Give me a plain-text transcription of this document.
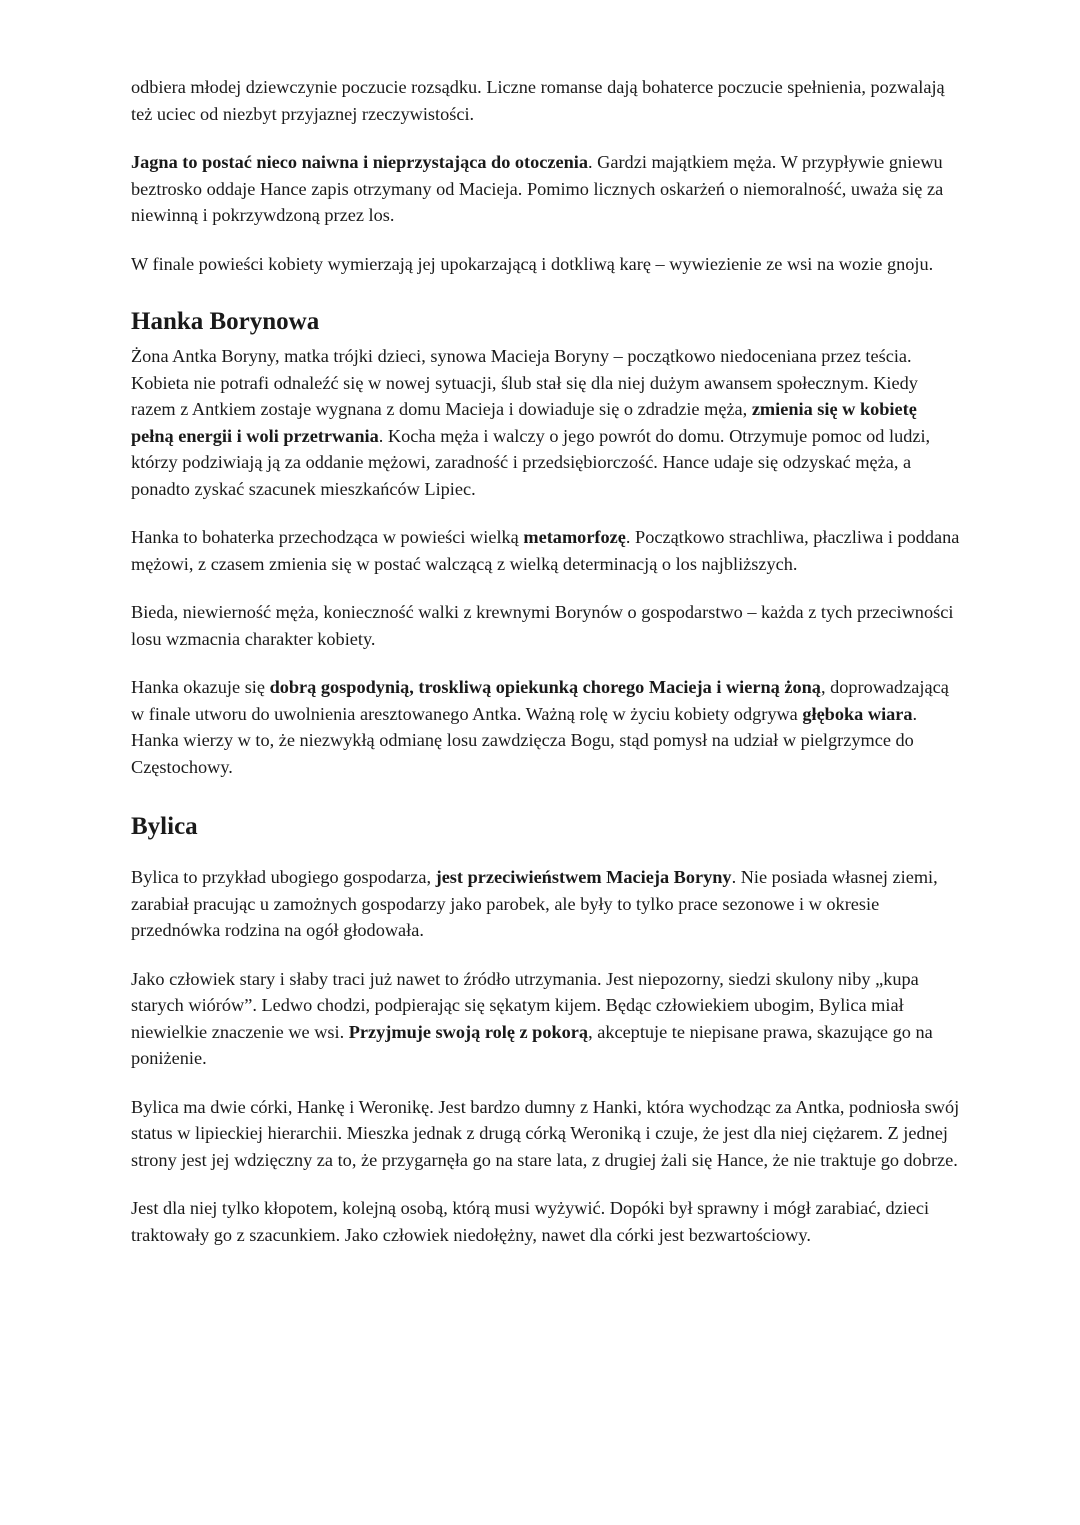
odbiera młodej dziewczynie poczucie rozsądku. Liczne romanse dają bohaterce poczucie spełnienia, pozwalają też uciec od niezbyt przyjaznej rzeczywistości.

Jagna to postać nieco naiwna i nieprzystająca do otoczenia. Gardzi majątkiem męża. W przypływie gniewu beztrosko oddaje Hance zapis otrzymany od Macieja. Pomimo licznych oskarżeń o niemoralność, uważa się za niewinną i pokrzywdzoną przez los.

W finale powieści kobiety wymierzają jej upokarzającą i dotkliwą karę – wywiezienie ze wsi na wozie gnoju.

Hanka Borynowa

Żona Antka Boryny, matka trójki dzieci, synowa Macieja Boryny – początkowo niedoceniana przez teścia. Kobieta nie potrafi odnaleźć się w nowej sytuacji, ślub stał się dla niej dużym awansem społecznym. Kiedy razem z Antkiem zostaje wygnana z domu Macieja i dowiaduje się o zdradzie męża, zmienia się w kobietę pełną energii i woli przetrwania. Kocha męża i walczy o jego powrót do domu. Otrzymuje pomoc od ludzi, którzy podziwiają ją za oddanie mężowi, zaradność i przedsiębiorczość. Hance udaje się odzyskać męża, a ponadto zyskać szacunek mieszkańców Lipiec.

Hanka to bohaterka przechodząca w powieści wielką metamorfozę. Początkowo strachliwa, płaczliwa i poddana mężowi, z czasem zmienia się w postać walczącą z wielką determinacją o los najbliższych.

Bieda, niewierność męża, konieczność walki z krewnymi Borynów o gospodarstwo – każda z tych przeciwności losu wzmacnia charakter kobiety.

Hanka okazuje się dobrą gospodynią, troskliwą opiekunką chorego Macieja i wierną żoną, doprowadzającą w finale utworu do uwolnienia aresztowanego Antka. Ważną rolę w życiu kobiety odgrywa głęboka wiara. Hanka wierzy w to, że niezwykłą odmianę losu zawdzięcza Bogu, stąd pomysł na udział w pielgrzymce do Częstochowy.

Bylica

Bylica to przykład ubogiego gospodarza, jest przeciwieństwem Macieja Boryny. Nie posiada własnej ziemi, zarabiał pracując u zamożnych gospodarzy jako parobek, ale były to tylko prace sezonowe i w okresie przednówka rodzina na ogół głodowała.

Jako człowiek stary i słaby traci już nawet to źródło utrzymania. Jest niepozorny, siedzi skulony niby „kupa starych wiórów”. Ledwo chodzi, podpierając się sękatym kijem. Będąc człowiekiem ubogim, Bylica miał niewielkie znaczenie we wsi. Przyjmuje swoją rolę z pokorą, akceptuje te niepisane prawa, skazujące go na poniżenie.

Bylica ma dwie córki, Hankę i Weronikę. Jest bardzo dumny z Hanki, która wychodząc za Antka, podniosła swój status w lipieckiej hierarchii. Mieszka jednak z drugą córką Weroniką i czuje, że jest dla niej ciężarem. Z jednej strony jest jej wdzięczny za to, że przygarnęła go na stare lata, z drugiej żali się Hance, że nie traktuje go dobrze.

Jest dla niej tylko kłopotem, kolejną osobą, którą musi wyżywić. Dopóki był sprawny i mógł zarabiać, dzieci traktowały go z szacunkiem. Jako człowiek niedołężny, nawet dla córki jest bezwartościowy.
